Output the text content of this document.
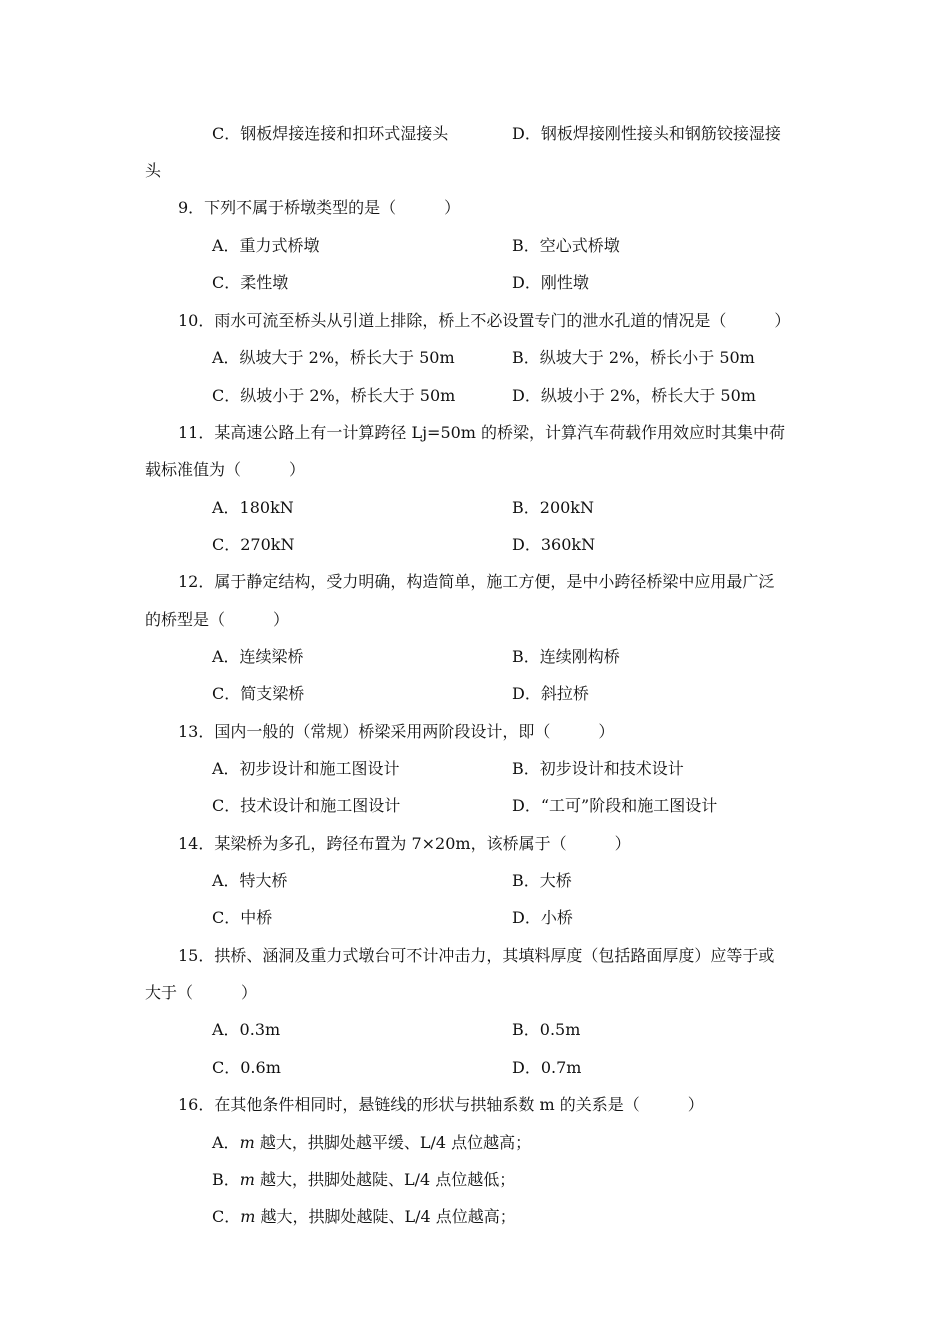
C．钢板焊接连接和扣环式湿接头	D．钢板焊接刚性接头和钢筋铰接湿接
头
9．下列不属于桥墩类型的是（　　　）
A．重力式桥墩	B．空心式桥墩
C．柔性墩	D．刚性墩
10．雨水可流至桥头从引道上排除，桥上不必设置专门的泄水孔道的情况是（　　　）
A．纵坡大于 2%，桥长大于 50m	B．纵坡大于 2%，桥长小于 50m
C．纵坡小于 2%，桥长大于 50m	D．纵坡小于 2%，桥长大于 50m
11．某高速公路上有一计算跨径 Lj=50m 的桥梁，计算汽车荷载作用效应时其集中荷
载标准值为（　　　）
A．180kN	B．200kN
C．270kN	D．360kN
12．属于静定结构，受力明确，构造简单，施工方便，是中小跨径桥梁中应用最广泛
的桥型是（　　　）
A．连续梁桥	B．连续刚构桥
C．简支梁桥	D．斜拉桥
13．国内一般的（常规）桥梁采用两阶段设计，即（　　　）
A．初步设计和施工图设计	B．初步设计和技术设计
C．技术设计和施工图设计	D．“工可”阶段和施工图设计
14．某梁桥为多孔，跨径布置为 7×20m，该桥属于（　　　）
A．特大桥	B．大桥
C．中桥	D．小桥
15．拱桥、涵洞及重力式墩台可不计冲击力，其填料厚度（包括路面厚度）应等于或
大于（　　　）
A．0.3m	B．0.5m
C．0.6m	D．0.7m
16．在其他条件相同时，悬链线的形状与拱轴系数 m 的关系是（　　　）
A．m 越大，拱脚处越平缓、L/4 点位越高；
B．m 越大，拱脚处越陡、L/4 点位越低；
C．m 越大，拱脚处越陡、L/4 点位越高；
